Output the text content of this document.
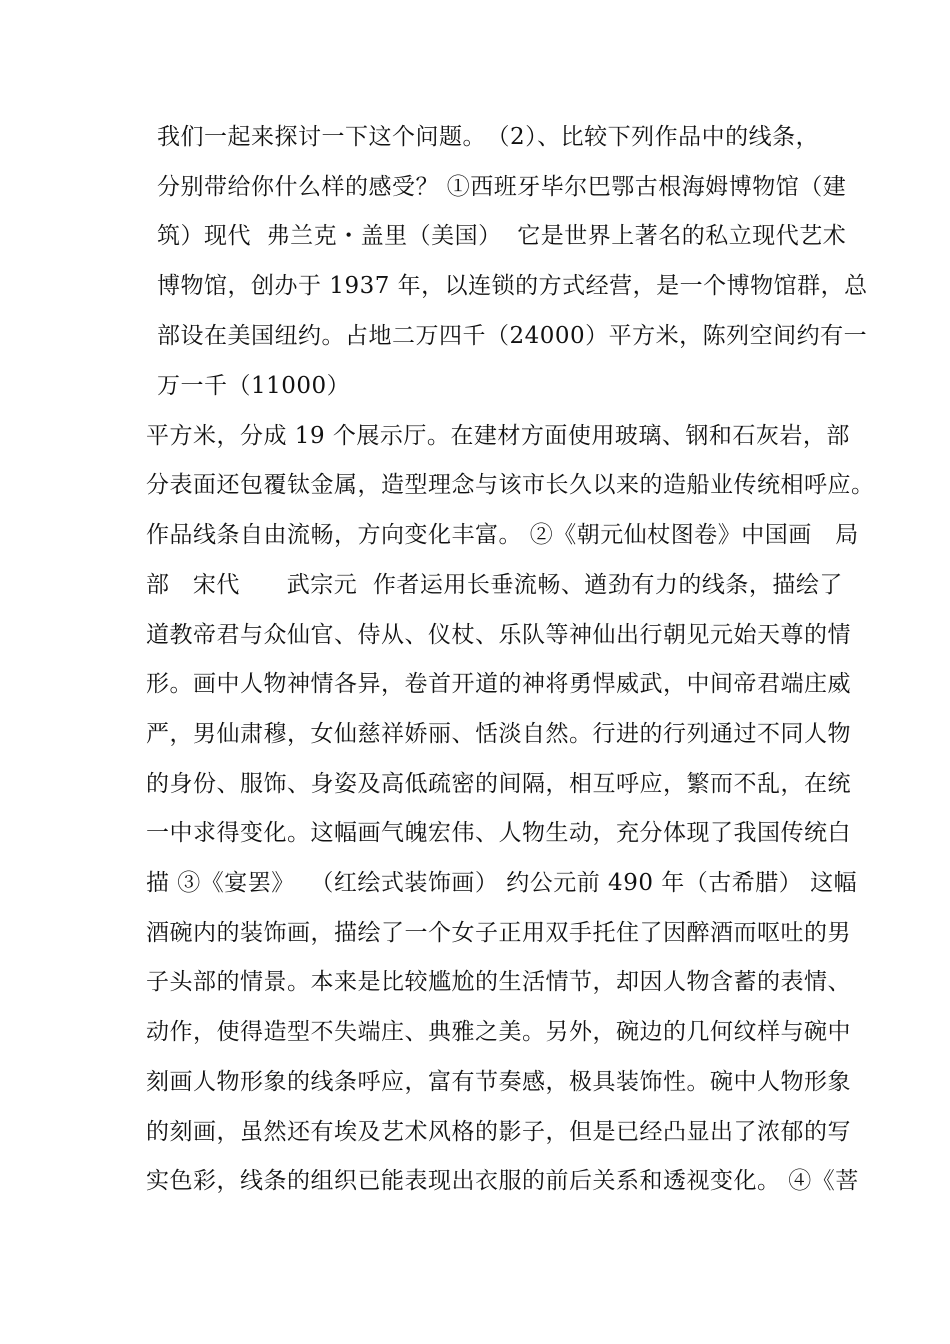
我们一起来探讨一下这个问题。　（2）、比较下列作品中的线条，
分别带给你什么样的感受？ ①西班牙毕尔巴鄂古根海姆博物馆（建
筑）现代  弗兰克・盖里（美国）  它是世界上著名的私立现代艺术
博物馆，创办于 1937 年，以连锁的方式经营，是一个博物馆群，总
部设在美国纽约。占地二万四千（24000）平方米，陈列空间约有一
万一千（11000）
平方米，分成 19 个展示厅。在建材方面使用玻璃、钢和石灰岩，部
分表面还包覆钛金属，造型理念与该市长久以来的造船业传统相呼应。
作品线条自由流畅，方向变化丰富。 ②《朝元仙杖图卷》中国画   局
部   宋代      武宗元  作者运用长垂流畅、遒劲有力的线条，描绘了
道教帝君与众仙官、侍从、仪杖、乐队等神仙出行朝见元始天尊的情
形。画中人物神情各异，卷首开道的神将勇悍威武，中间帝君端庄威
严，男仙肃穆，女仙慈祥娇丽、恬淡自然。行进的行列通过不同人物
的身份、服饰、身姿及高低疏密的间隔，相互呼应，繁而不乱，在统
一中求得变化。这幅画气魄宏伟、人物生动，充分体现了我国传统白
描 ③《宴罢》  （红绘式装饰画） 约公元前 490 年（古希腊） 这幅
酒碗内的装饰画，描绘了一个女子正用双手托住了因醉酒而呕吐的男
子头部的情景。本来是比较尴尬的生活情节，却因人物含蓄的表情、
动作，使得造型不失端庄、典雅之美。另外，碗边的几何纹样与碗中
刻画人物形象的线条呼应，富有节奏感，极具装饰性。碗中人物形象
的刻画，虽然还有埃及艺术风格的影子，但是已经凸显出了浓郁的写
实色彩，线条的组织已能表现出衣服的前后关系和透视变化。 ④《菩
